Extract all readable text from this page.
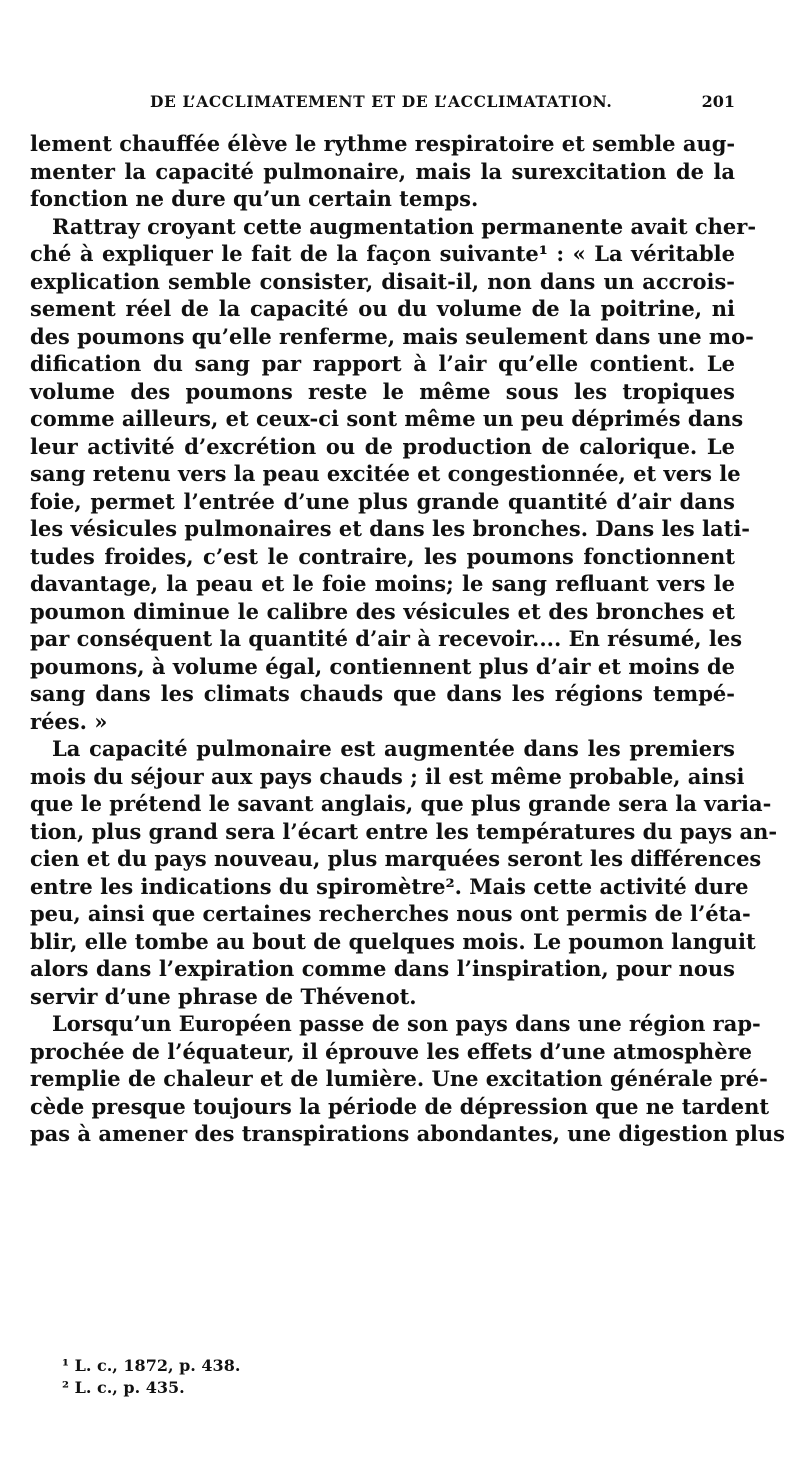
DE L’ACCLIMATEMENT ET DE L’ACCLIMATATION.	201
lement chauffée élève le rythme respiratoire et semble aug-
menter la capacité pulmonaire, mais la surexcitation de la
fonction ne dure qu’un certain temps.
Rattray croyant cette augmentation permanente avait cher-
ché à expliquer le fait de la façon suivante¹ : « La véritable
explication semble consister, disait-il, non dans un accrois-
sement réel de la capacité ou du volume de la poitrine, ni
des poumons qu’elle renferme, mais seulement dans une mo-
dification du sang par rapport à l’air qu’elle contient. Le
volume des poumons reste le même sous les tropiques
comme ailleurs, et ceux-ci sont même un peu déprimés dans
leur activité d’excrétion ou de production de calorique. Le
sang retenu vers la peau excitée et congestionnée, et vers le
foie, permet l’entrée d’une plus grande quantité d’air dans
les vésicules pulmonaires et dans les bronches. Dans les lati-
tudes froides, c’est le contraire, les poumons fonctionnent
davantage, la peau et le foie moins; le sang refluant vers le
poumon diminue le calibre des vésicules et des bronches et
par conséquent la quantité d’air à recevoir.... En résumé, les
poumons, à volume égal, contiennent plus d’air et moins de
sang dans les climats chauds que dans les régions tempé-
rées. »
La capacité pulmonaire est augmentée dans les premiers
mois du séjour aux pays chauds ; il est même probable, ainsi
que le prétend le savant anglais, que plus grande sera la varia-
tion, plus grand sera l’écart entre les températures du pays an-
cien et du pays nouveau, plus marquées seront les différences
entre les indications du spiromètre². Mais cette activité dure
peu, ainsi que certaines recherches nous ont permis de l’éta-
blir, elle tombe au bout de quelques mois. Le poumon languit
alors dans l’expiration comme dans l’inspiration, pour nous
servir d’une phrase de Thévenot.
Lorsqu’un Européen passe de son pays dans une région rap-
prochée de l’équateur, il éprouve les effets d’une atmosphère
remplie de chaleur et de lumière. Une excitation générale pré-
cède presque toujours la période de dépression que ne tardent
pas à amener des transpirations abondantes, une digestion plus
¹ L. c., 1872, p. 438.
² L. c., p. 435.
